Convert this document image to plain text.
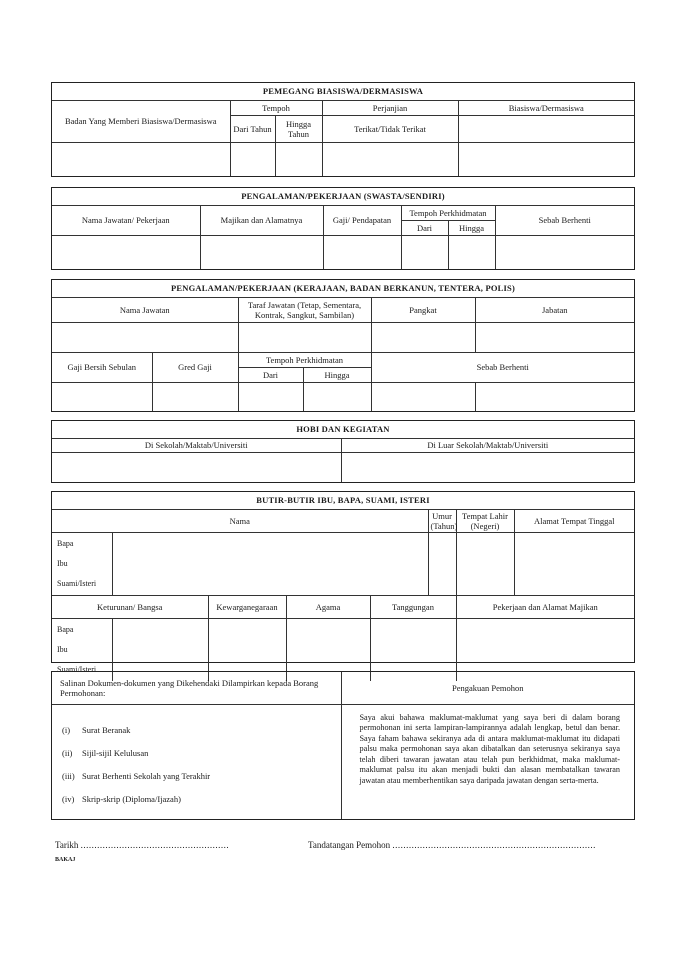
PEMEGANG BIASISWA/DERMASISWA				
Badan Yang Memberi Biasiswa/Dermasiswa	Tempoh		Perjanjian	Biasiswa/Dermasiswa
	Dari Tahun	Hingga Tahun	Terikat/Tidak Terikat	

PENGALAMAN/PEKERJAAN (SWASTA/SENDIRI)					
Nama Jawatan/ Pekerjaan	Majikan dan Alamatnya	Gaji/ Pendapatan	Tempoh Perkhidmatan		Sebab Berhenti
			Dari	Hingga	

PENGALAMAN/PEKERJAAN (KERAJAAN, BADAN BERKANUN, TENTERA, POLIS)					
Nama Jawatan		Taraf Jawatan (Tetap, Sementara, Kontrak, Sangkut, Sambilan)		Pangkat	Jabatan

Gaji Bersih Sebulan	Gred Gaji	Tempoh Perkhidmatan		Sebab Berhenti	
		Dari	Hingga		

HOBI DAN KEGIATAN	
Di Sekolah/Maktab/Universiti	Di Luar Sekolah/Maktab/Universiti

BUTIR-BUTIR IBU, BAPA, SUAMI, ISTERI							
Nama					Umur (Tahun)	Tempat Lahir (Negeri)	Alamat Tempat Tinggal

Bapa
Ibu
Suami/Isteri							

Keturunan/ Bangsa		Kewarganegaraan	Agama	Tanggungan		Pekerjaan dan Alamat Majikan	

Bapa
Ibu
Suami/Isteri							

Salinan Dokumen-dokumen yang Dikehendaki Dilampirkan kepada Borang Permohonan:	Pengakuan Pemohon

(i) Surat Beranak
(ii) Sijil-sijil Kelulusan
(iii) Surat Berhenti Sekolah yang Terakhir
(iv) Skrip-skrip (Diploma/Ijazah)
	Saya akui bahawa maklumat-maklumat yang saya beri di dalam borang permohonan ini serta lampiran-lampirannya adalah lengkap, betul dan benar. Saya faham bahawa sekiranya ada di antara maklumat-maklumat itu didapati palsu maka permohonan saya akan dibatalkan dan seterusnya sekiranya saya telah diberi tawaran jawatan atau telah pun berkhidmat, maka maklumat-maklumat palsu itu akan menjadi bukti dan alasan membatalkan tawaran jawatan atau memberhentikan saya daripada jawatan dengan serta-merta.
Tarikh ......................................................	Tandatangan Pemohon ..........................................................................
BAKAJ
